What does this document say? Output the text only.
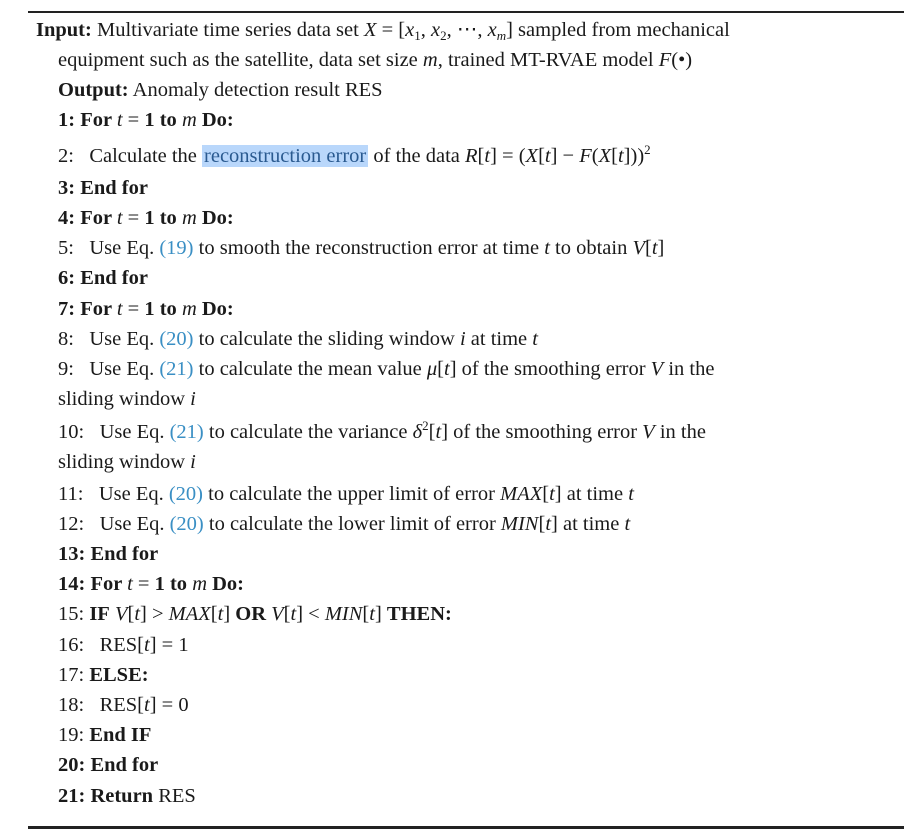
Input: Multivariate time series data set $X = [x_1$, $x_2$, ⋯, $x_m$] sampled from mechanical
equipment such as the satellite, data set size m, trained MT-RVAE model F(•)
Output: Anomaly detection result RES
1: For t = 1 to m Do:
2: Calculate the reconstruction error of the data $R[t] = (X[t] - F(X[t]))^2$
3: End for
4: For t = 1 to m Do:
5: Use Eq. (19) to smooth the reconstruction error at time t to obtain V[t]
6: End for
7: For t = 1 to m Do:
8: Use Eq. (20) to calculate the sliding window i at time t
9: Use Eq. (21) to calculate the mean value μ[t] of the smoothing error V in the
sliding window i
10: Use Eq. (21) to calculate the variance $\delta^2[t]$ of the smoothing error V in the
sliding window i
11: Use Eq. (20) to calculate the upper limit of error MAX[t] at time t
12: Use Eq. (20) to calculate the lower limit of error MIN[t] at time t
13: End for
14: For t = 1 to m Do:
15: IF V[t] > MAX[t] OR V[t] < MIN[t] THEN:
16:   RES[t] = 1
17: ELSE:
18:   RES[t] = 0
19: End IF
20: End for
21: Return RES
